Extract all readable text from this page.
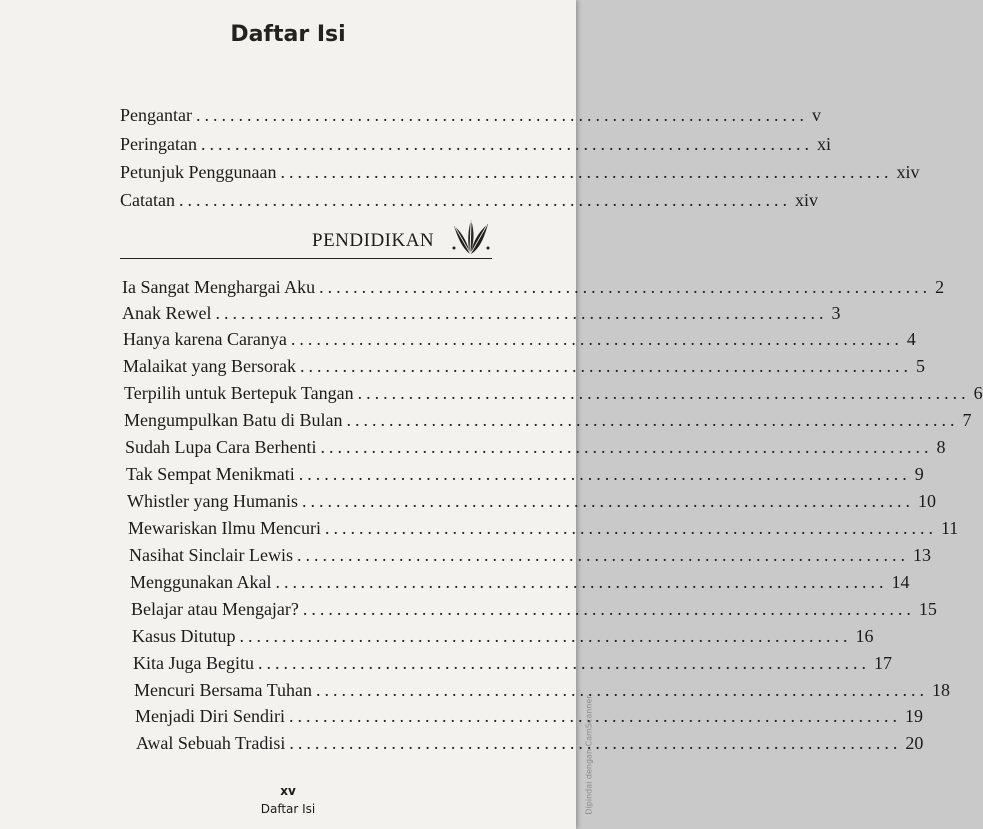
Daftar Isi
Pengantar ........................................................................ v
Peringatan ........................................................................ xi
Petunjuk Penggunaan ........................................................................ xiv
Catatan ........................................................................ xiv
PENDIDIKAN
Ia Sangat Menghargai Aku ........................................................................ 2
Anak Rewel ........................................................................ 3
Hanya karena Caranya ........................................................................ 4
Malaikat yang Bersorak ........................................................................ 5
Terpilih untuk Bertepuk Tangan ........................................................................ 6
Mengumpulkan Batu di Bulan ........................................................................ 7
Sudah Lupa Cara Berhenti ........................................................................ 8
Tak Sempat Menikmati ........................................................................ 9
Whistler yang Humanis ........................................................................ 10
Mewariskan Ilmu Mencuri ........................................................................ 11
Nasihat Sinclair Lewis ........................................................................ 13
Menggunakan Akal ........................................................................ 14
Belajar atau Mengajar? ........................................................................ 15
Kasus Ditutup ........................................................................ 16
Kita Juga Begitu ........................................................................ 17
Mencuri Bersama Tuhan ........................................................................ 18
Menjadi Diri Sendiri ........................................................................ 19
Awal Sebuah Tradisi ........................................................................ 20
xv
Daftar Isi	Dipindai dengan CamScanner
